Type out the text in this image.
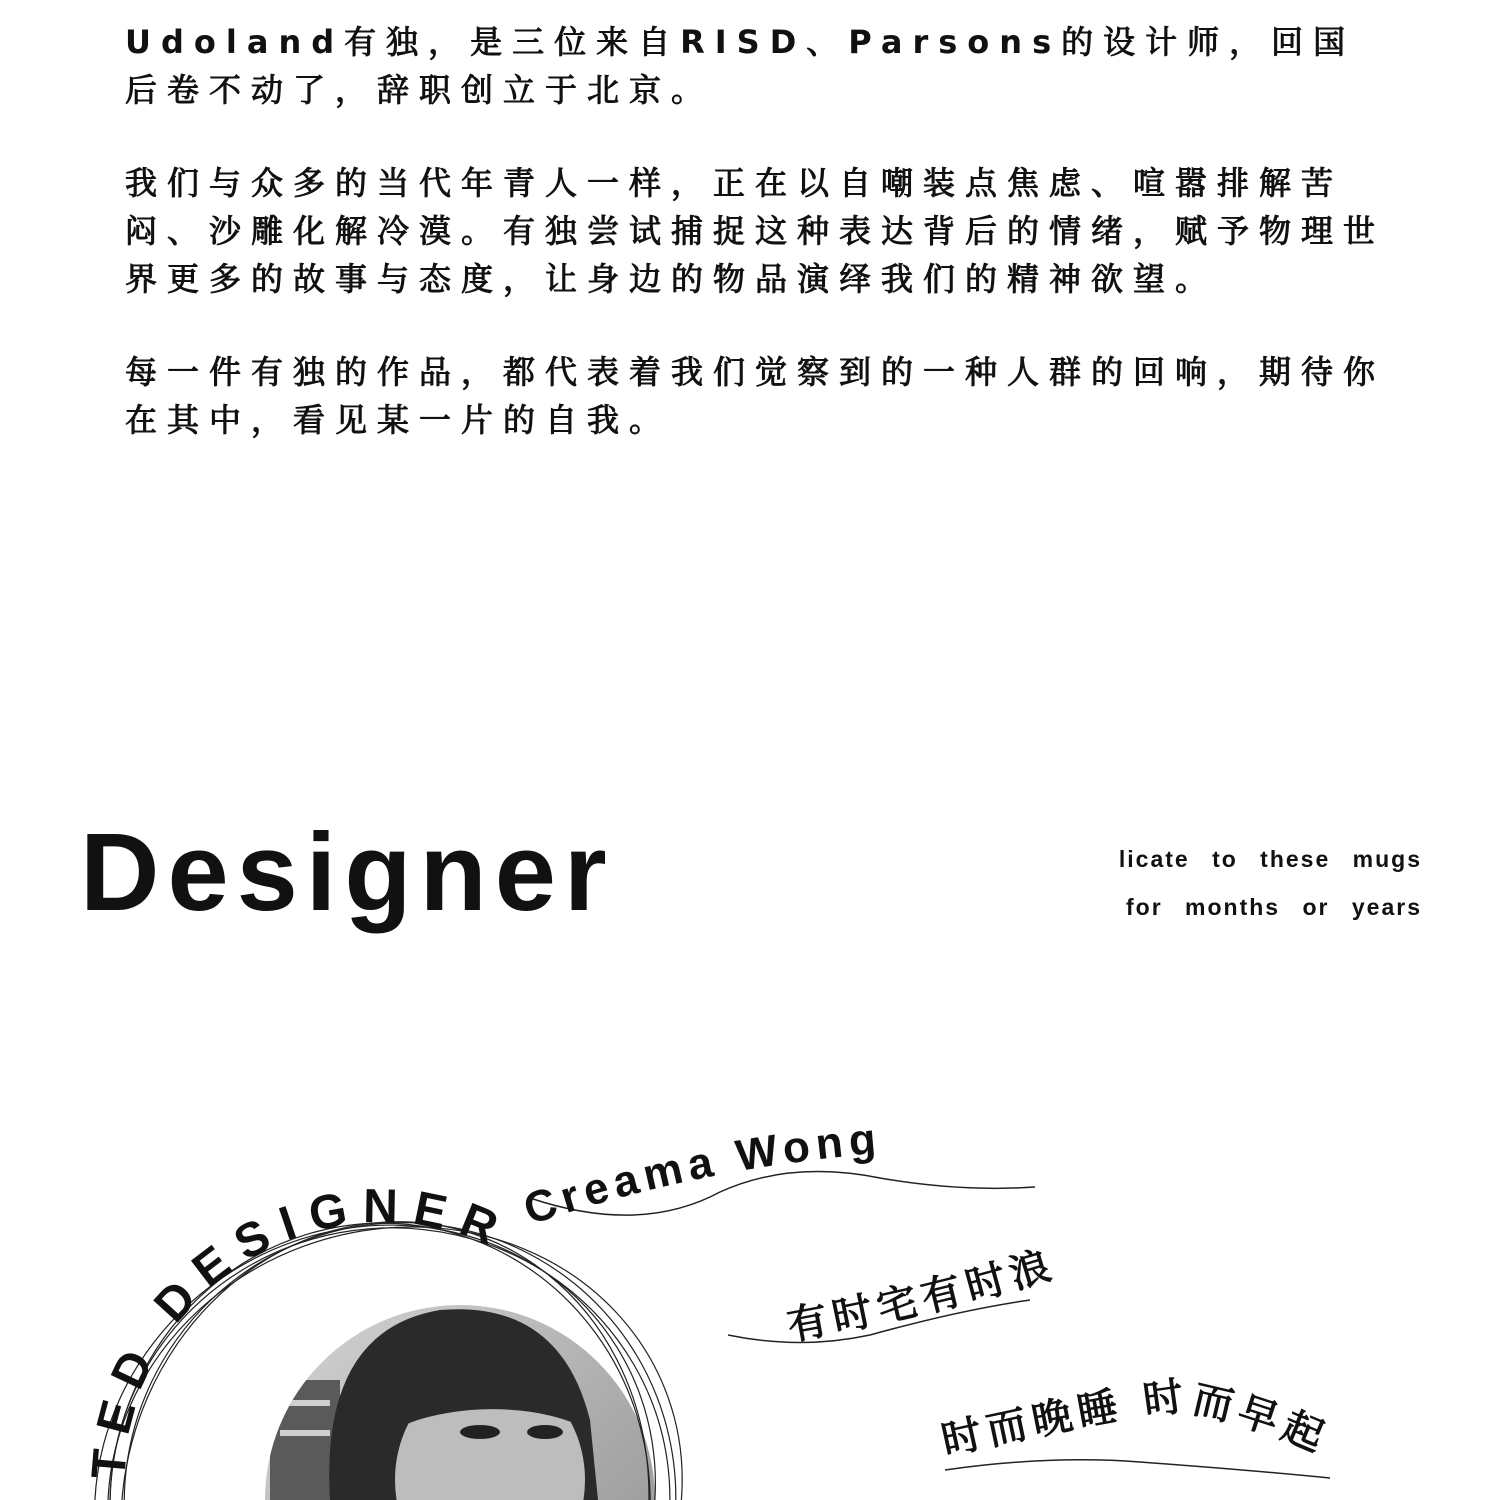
Udoland有独，是三位来自RISD、Parsons的设计师，回国后卷不动了，辞职创立于北京。

我们与众多的当代年青人一样，正在以自嘲装点焦虑、喧嚣排解苦闷、沙雕化解冷漠。有独尝试捕捉这种表达背后的情绪，赋予物理世界更多的故事与态度，让身边的物品演绎我们的精神欲望。

每一件有独的作品，都代表着我们觉察到的一种人群的回响，期待你在其中，看见某一片的自我。

Designer	licate to these mugs
for months or years
Creama Wong
有时宅有时浪
时而晚睡 时而早起
TED DESIGNER
